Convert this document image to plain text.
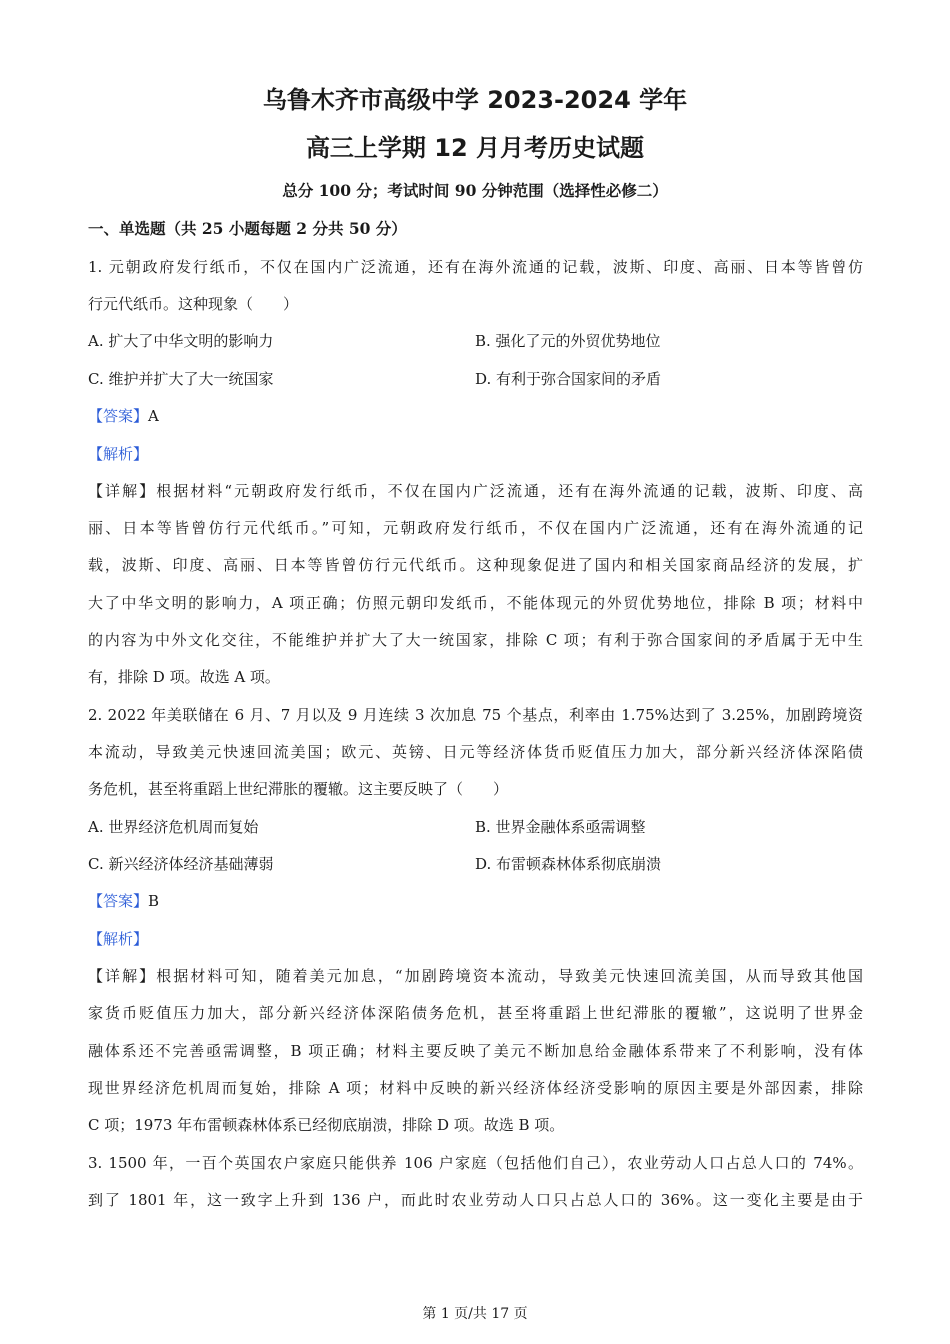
乌鲁木齐市高级中学 2023-2024 学年
高三上学期 12 月月考历史试题
总分 100 分；考试时间 90 分钟范围（选择性必修二）
一、单选题（共 25 小题每题 2 分共 50 分）
1. 元朝政府发行纸币，不仅在国内广泛流通，还有在海外流通的记载，波斯、印度、高丽、日本等皆曾仿
行元代纸币。这种现象（　　）
A. 扩大了中华文明的影响力	B. 强化了元的外贸优势地位
C. 维护并扩大了大一统国家	D. 有利于弥合国家间的矛盾
【答案】A
【解析】
【详解】根据材料“元朝政府发行纸币，不仅在国内广泛流通，还有在海外流通的记载，波斯、印度、高
丽、日本等皆曾仿行元代纸币。”可知，元朝政府发行纸币，不仅在国内广泛流通，还有在海外流通的记
载，波斯、印度、高丽、日本等皆曾仿行元代纸币。这种现象促进了国内和相关国家商品经济的发展，扩
大了中华文明的影响力，A 项正确；仿照元朝印发纸币，不能体现元的外贸优势地位，排除 B 项；材料中
的内容为中外文化交往，不能维护并扩大了大一统国家，排除 C 项；有利于弥合国家间的矛盾属于无中生
有，排除 D 项。故选 A 项。
2. 2022 年美联储在 6 月、7 月以及 9 月连续 3 次加息 75 个基点，利率由 1.75%达到了 3.25%，加剧跨境资
本流动，导致美元快速回流美国；欧元、英镑、日元等经济体货币贬值压力加大，部分新兴经济体深陷债
务危机，甚至将重蹈上世纪滞胀的覆辙。这主要反映了（　　）
A. 世界经济危机周而复始	B. 世界金融体系亟需调整
C. 新兴经济体经济基础薄弱	D. 布雷顿森林体系彻底崩溃
【答案】B
【解析】
【详解】根据材料可知，随着美元加息，“加剧跨境资本流动，导致美元快速回流美国，从而导致其他国
家货币贬值压力加大，部分新兴经济体深陷债务危机，甚至将重蹈上世纪滞胀的覆辙”，这说明了世界金
融体系还不完善亟需调整，B 项正确；材料主要反映了美元不断加息给金融体系带来了不利影响，没有体
现世界经济危机周而复始，排除 A 项；材料中反映的新兴经济体经济受影响的原因主要是外部因素，排除
C 项；1973 年布雷顿森林体系已经彻底崩溃，排除 D 项。故选 B 项。
3. 1500 年，一百个英国农户家庭只能供养 106 户家庭（包括他们自己），农业劳动人口占总人口的 74%。
到了 1801 年，这一致字上升到 136 户，而此时农业劳动人口只占总人口的 36%。这一变化主要是由于
第 1 页/共 17 页
